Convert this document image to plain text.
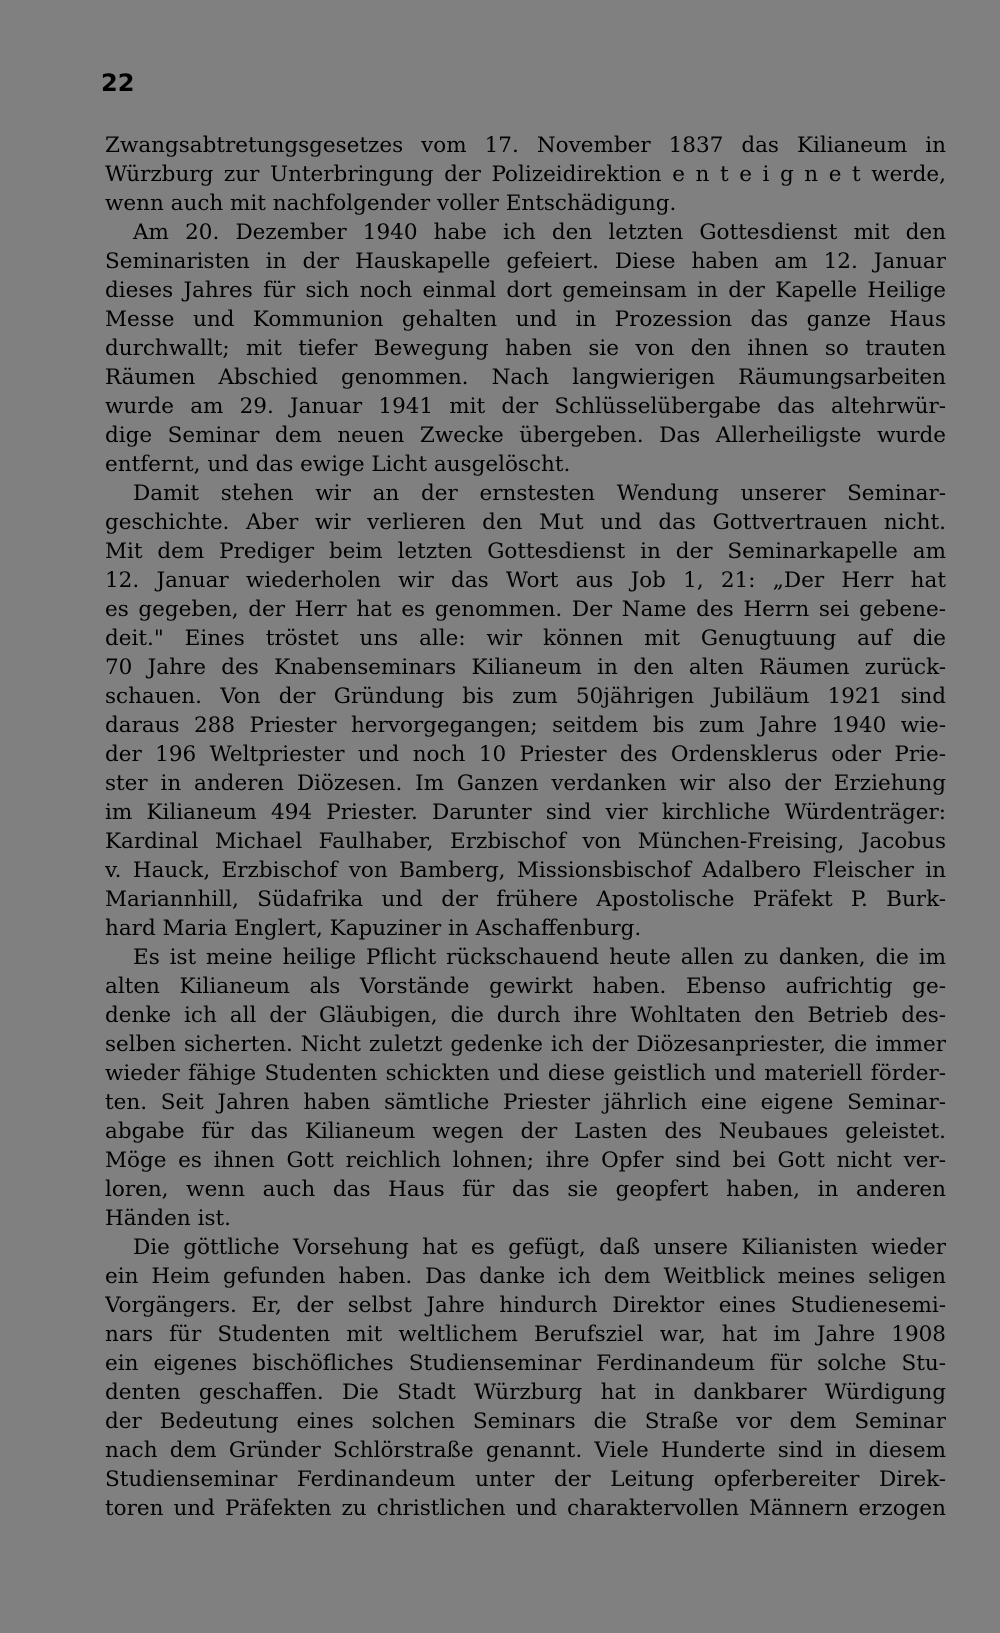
22
Zwangsabtretungsgesetzes vom 17. November 1837 das Kilianeum in
Würzburg zur Unterbringung der Polizeidirektion e n t e i g n e t werde,
wenn auch mit nachfolgender voller Entschädigung.
Am 20. Dezember 1940 habe ich den letzten Gottesdienst mit den
Seminaristen in der Hauskapelle gefeiert. Diese haben am 12. Januar
dieses Jahres für sich noch einmal dort gemeinsam in der Kapelle Heilige
Messe und Kommunion gehalten und in Prozession das ganze Haus
durchwallt; mit tiefer Bewegung haben sie von den ihnen so trauten
Räumen Abschied genommen. Nach langwierigen Räumungsarbeiten
wurde am 29. Januar 1941 mit der Schlüsselübergabe das altehrwür-
dige Seminar dem neuen Zwecke übergeben. Das Allerheiligste wurde
entfernt, und das ewige Licht ausgelöscht.
Damit stehen wir an der ernstesten Wendung unserer Seminar-
geschichte. Aber wir verlieren den Mut und das Gottvertrauen nicht.
Mit dem Prediger beim letzten Gottesdienst in der Seminarkapelle am
12. Januar wiederholen wir das Wort aus Job 1, 21: „Der Herr hat
es gegeben, der Herr hat es genommen. Der Name des Herrn sei gebene-
deit." Eines tröstet uns alle: wir können mit Genugtuung auf die
70 Jahre des Knabenseminars Kilianeum in den alten Räumen zurück-
schauen. Von der Gründung bis zum 50jährigen Jubiläum 1921 sind
daraus 288 Priester hervorgegangen; seitdem bis zum Jahre 1940 wie-
der 196 Weltpriester und noch 10 Priester des Ordensklerus oder Prie-
ster in anderen Diözesen. Im Ganzen verdanken wir also der Erziehung
im Kilianeum 494 Priester. Darunter sind vier kirchliche Würdenträger:
Kardinal Michael Faulhaber, Erzbischof von München-Freising, Jacobus
v. Hauck, Erzbischof von Bamberg, Missionsbischof Adalbero Fleischer in
Mariannhill, Südafrika und der frühere Apostolische Präfekt P. Burk-
hard Maria Englert, Kapuziner in Aschaffenburg.
Es ist meine heilige Pflicht rückschauend heute allen zu danken, die im
alten Kilianeum als Vorstände gewirkt haben. Ebenso aufrichtig ge-
denke ich all der Gläubigen, die durch ihre Wohltaten den Betrieb des-
selben sicherten. Nicht zuletzt gedenke ich der Diözesanpriester, die immer
wieder fähige Studenten schickten und diese geistlich und materiell förder-
ten. Seit Jahren haben sämtliche Priester jährlich eine eigene Seminar-
abgabe für das Kilianeum wegen der Lasten des Neubaues geleistet.
Möge es ihnen Gott reichlich lohnen; ihre Opfer sind bei Gott nicht ver-
loren, wenn auch das Haus für das sie geopfert haben, in anderen
Händen ist.
Die göttliche Vorsehung hat es gefügt, daß unsere Kilianisten wieder
ein Heim gefunden haben. Das danke ich dem Weitblick meines seligen
Vorgängers. Er, der selbst Jahre hindurch Direktor eines Studienesemi-
nars für Studenten mit weltlichem Berufsziel war, hat im Jahre 1908
ein eigenes bischöfliches Studienseminar Ferdinandeum für solche Stu-
denten geschaffen. Die Stadt Würzburg hat in dankbarer Würdigung
der Bedeutung eines solchen Seminars die Straße vor dem Seminar
nach dem Gründer Schlörstraße genannt. Viele Hunderte sind in diesem
Studienseminar Ferdinandeum unter der Leitung opferbereiter Direk-
toren und Präfekten zu christlichen und charaktervollen Männern erzogen
